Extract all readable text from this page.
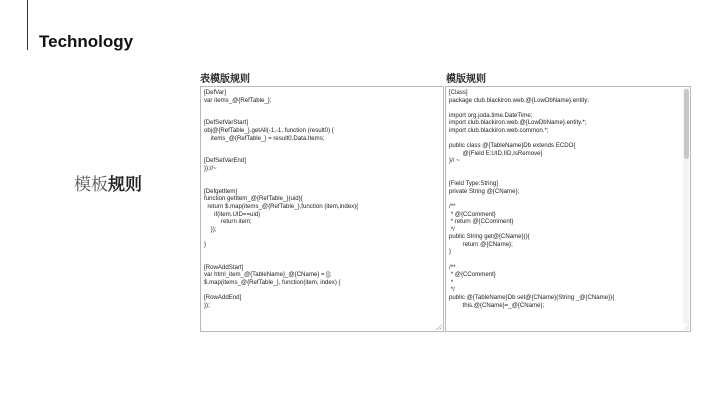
Technology
模板规则
表模版规则
[DefVar]
var items_@{RefTable_};

[DefSetVarStart]
obj@{RefTable_}.getAll(-1,-1, function (result0) {
items_@{RefTable_} = result0.Data.Items;

[DefSetVarEnd]
});//~

[DefgetItem]
function getItem_@{RefTable_}(uid){
return $.map(items_@{RefTable_},function (item,index){
if(item.UID==uid)
return item;
});

}

[RowAddStart]
var html_item_@{TableName}_@{CName} = [];
$.map(items_@{RefTable_}, function(item, index) {

[RowAddEnd]
});
模版规则
[Class]
package club.blackiron.web.@{LowDbName}.entity;

import org.joda.time.DateTime;
import club.blackiron.web.@{LowDbName}.entity.*;
import club.blackiron.web.common.*;

public class @{TableName}Db extends ECDO{
@{Field E:UID,IID,IsRemove}
}// ~

[Field Type:String]
private String @{CName};

/**
* @{CComment}
* return @{CComment}
*/
public String get@{CName}(){
return @{CName};
}

/**
* @{CComment}
*
*/
public @{TableName}Db set@{CName}(String _@{CName}){
this.@{CName}=_@{CName};
